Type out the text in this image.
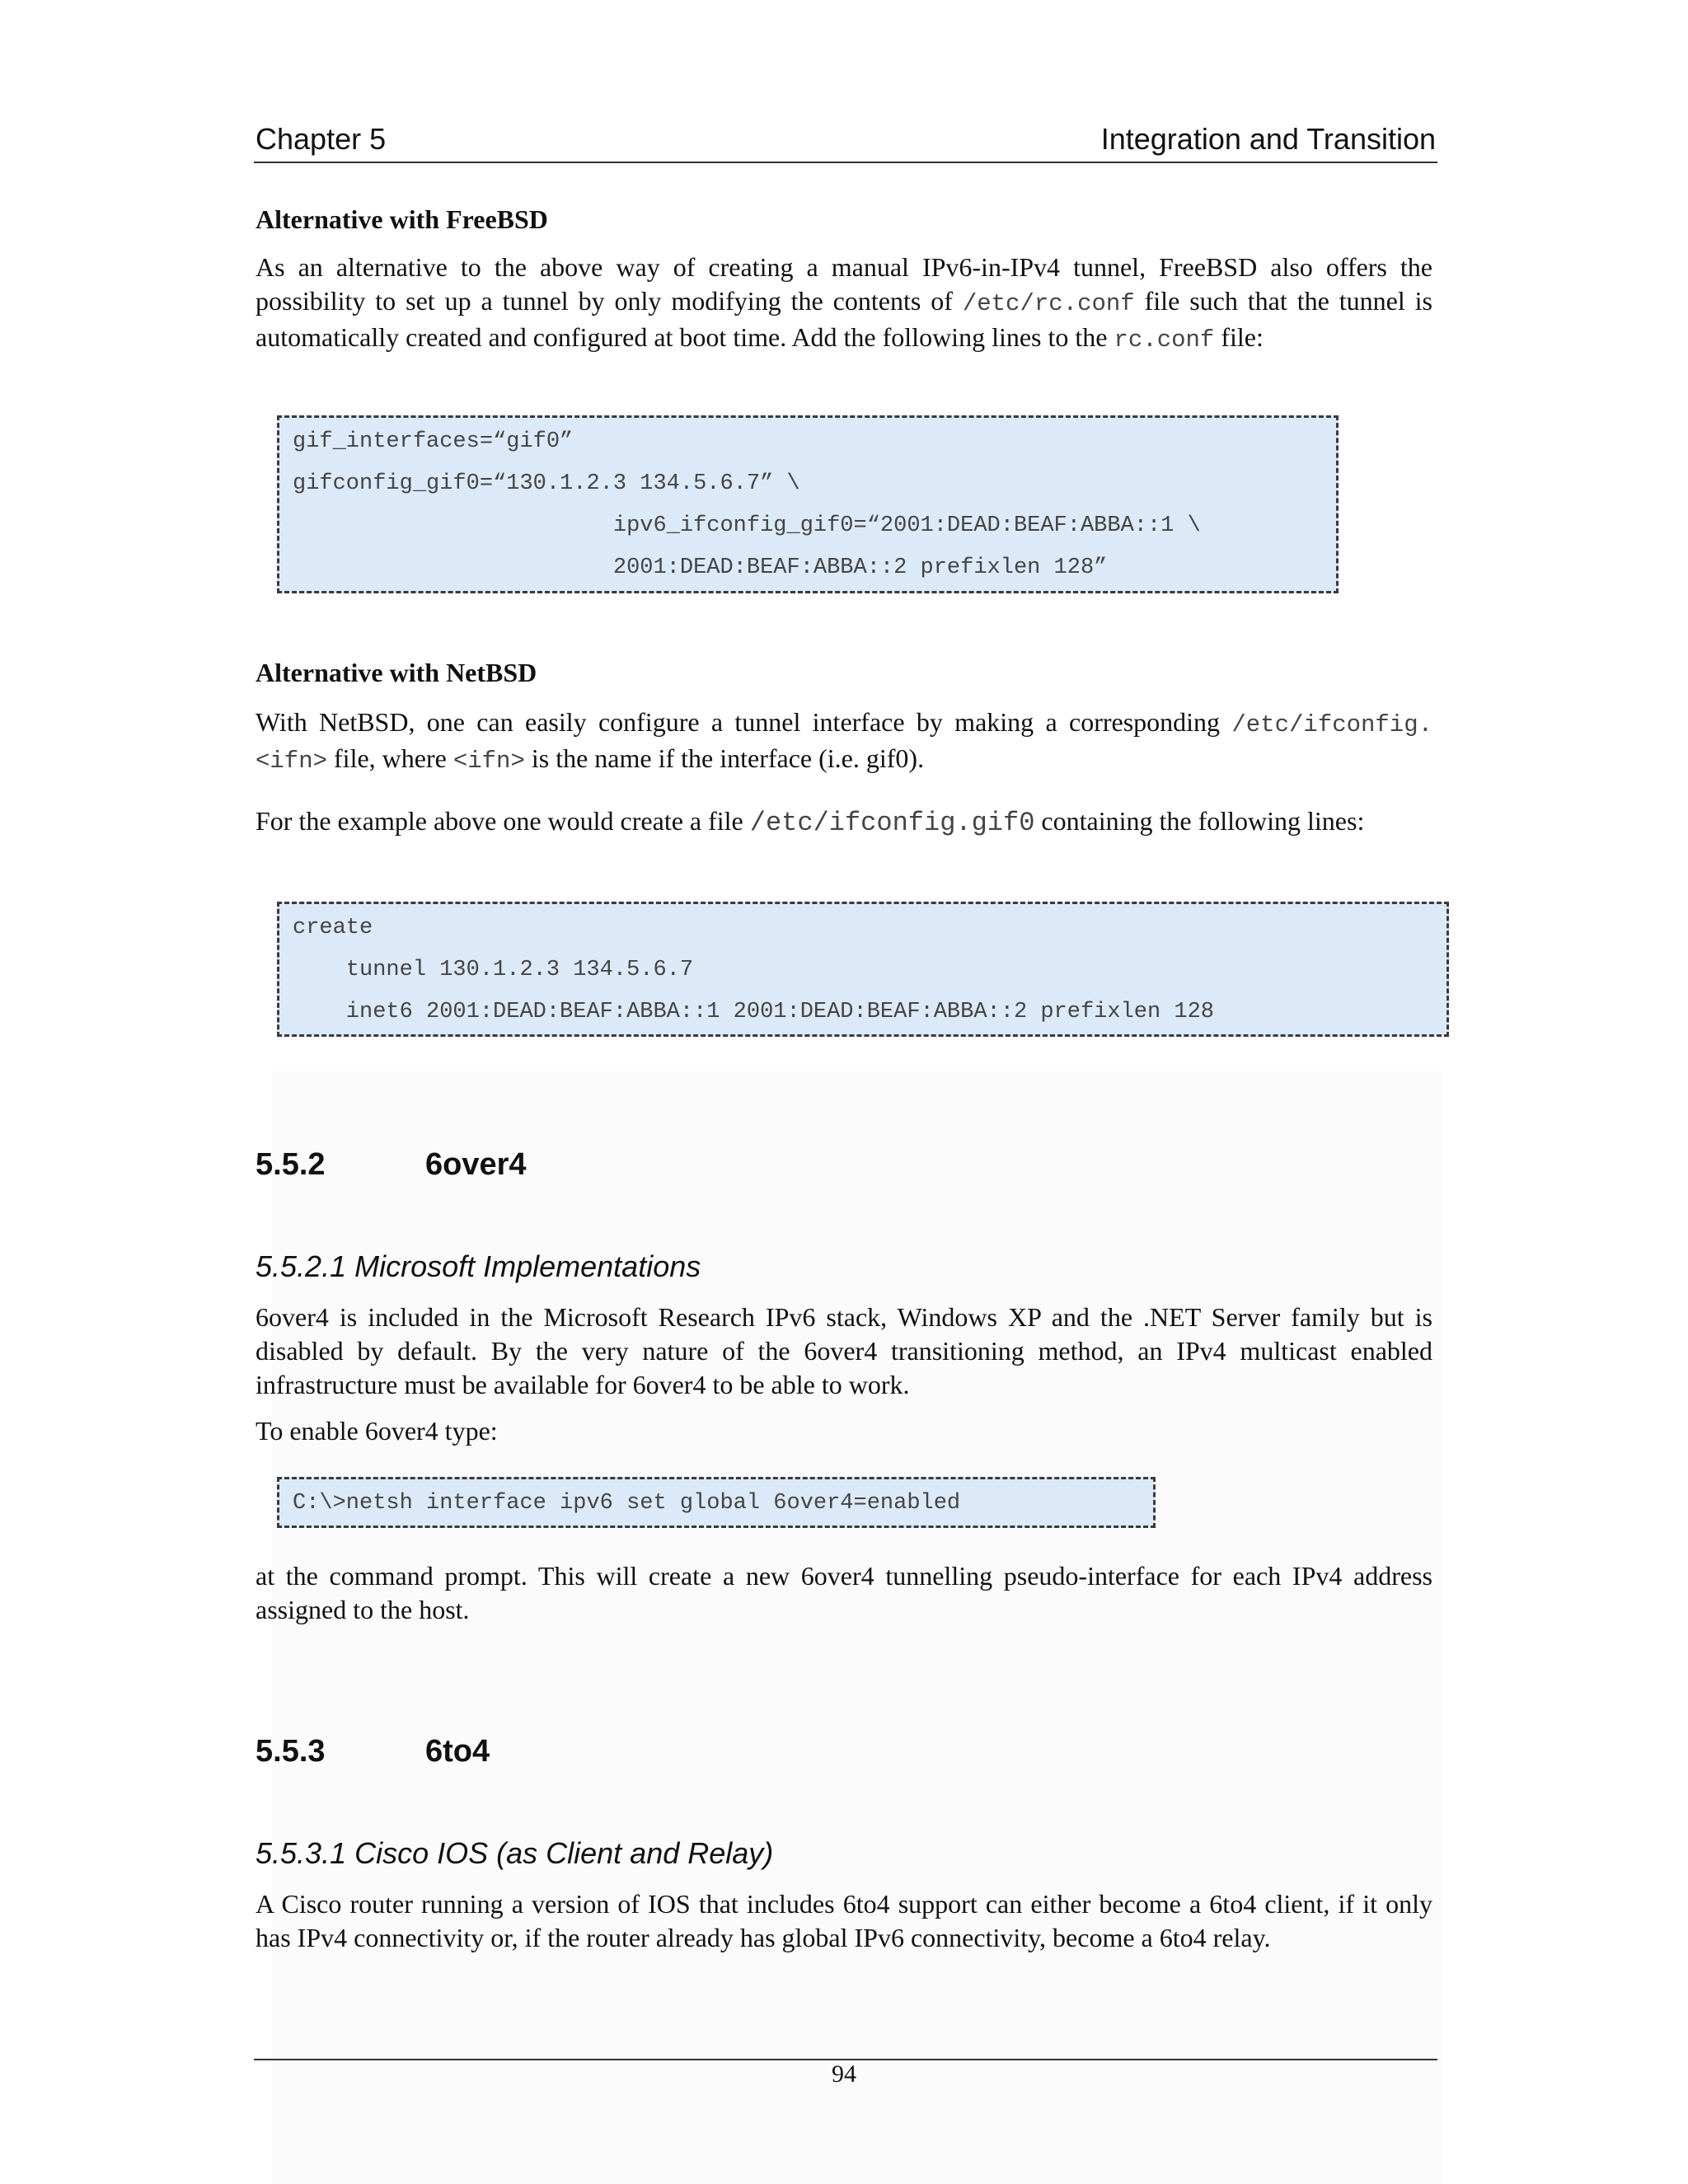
Chapter 5	Integration and Transition
Alternative with FreeBSD
As an alternative to the above way of creating a manual IPv6-in-IPv4 tunnel, FreeBSD also offers the possibility to set up a tunnel by only modifying the contents of /etc/rc.conf file such that the tunnel is automatically created and configured at boot time. Add the following lines to the rc.conf file:

gif_interfaces=“gif0”

gifconfig_gif0=“130.1.2.3 134.5.6.7” \

ipv6_ifconfig_gif0=“2001:DEAD:BEAF:ABBA::1 \

2001:DEAD:BEAF:ABBA::2 prefixlen 128”

Alternative with NetBSD
With NetBSD, one can easily configure a tunnel interface by making a corresponding /etc/ifconfig.<ifn> file, where <ifn> is the name if the interface (i.e. gif0).
For the example above one would create a file /etc/ifconfig.gif0 containing the following lines:

create

tunnel 130.1.2.3 134.5.6.7

inet6 2001:DEAD:BEAF:ABBA::1 2001:DEAD:BEAF:ABBA::2 prefixlen 128

5.5.2	6over4
5.5.2.1 Microsoft Implementations
6over4 is included in the Microsoft Research IPv6 stack, Windows XP and the .NET Server family but is disabled by default. By the very nature of the 6over4 transitioning method, an IPv4 multicast enabled infrastructure must be available for 6over4 to be able to work.
To enable 6over4 type:

C:\>netsh interface ipv6 set global 6over4=enabled

at the command prompt. This will create a new 6over4 tunnelling pseudo-interface for each IPv4 address assigned to the host.
5.5.3	6to4
5.5.3.1 Cisco IOS (as Client and Relay)
A Cisco router running a version of IOS that includes 6to4 support can either become a 6to4 client, if it only has IPv4 connectivity or, if the router already has global IPv6 connectivity, become a 6to4 relay.
94
